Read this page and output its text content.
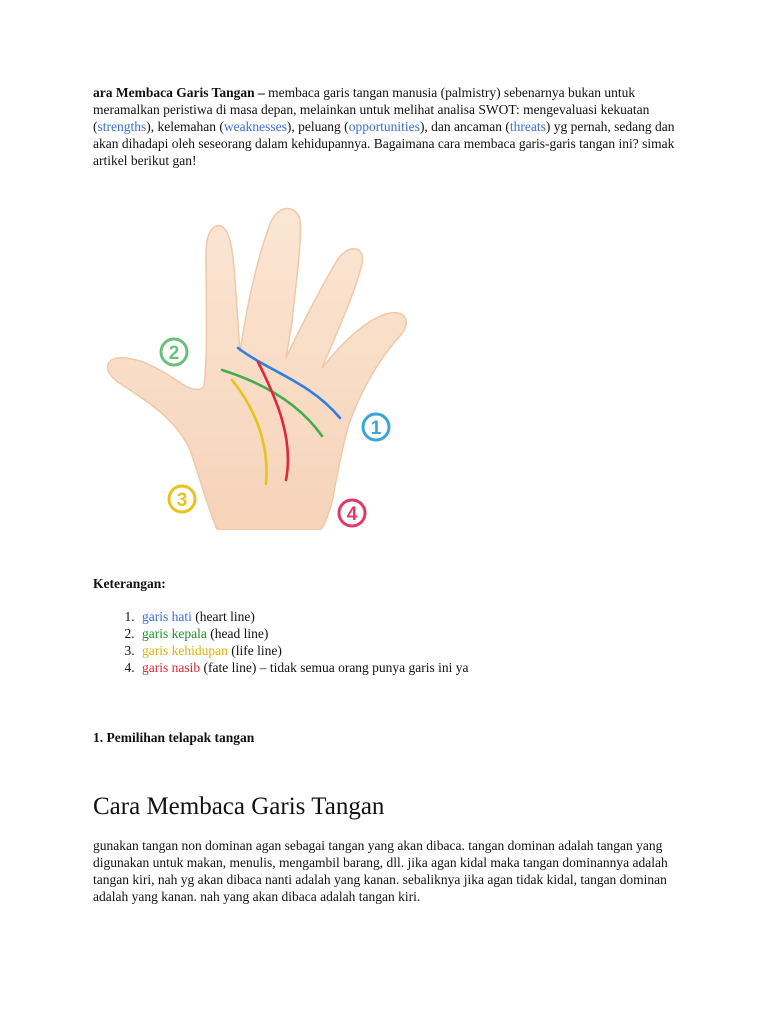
ara Membaca Garis Tangan – membaca garis tangan manusia (palmistry) sebenarnya bukan untuk meramalkan peristiwa di masa depan, melainkan untuk melihat analisa SWOT: mengevaluasi kekuatan (strengths), kelemahan (weaknesses), peluang (opportunities), dan ancaman (threats) yg pernah, sedang dan akan dihadapi oleh seseorang dalam kehidupannya. Bagaimana cara membaca garis-garis tangan ini? simak artikel berikut gan!

2
1
3
4

Keterangan:

1. garis hati (heart line)
2. garis kepala (head line)
3. garis kehidupan (life line)
4. garis nasib (fate line) – tidak semua orang punya garis ini ya

1. Pemilihan telapak tangan

Cara Membaca Garis Tangan

gunakan tangan non dominan agan sebagai tangan yang akan dibaca. tangan dominan adalah tangan yang digunakan untuk makan, menulis, mengambil barang, dll. jika agan kidal maka tangan dominannya adalah tangan kiri, nah yg akan dibaca nanti adalah yang kanan. sebaliknya jika agan tidak kidal, tangan dominan adalah yang kanan. nah yang akan dibaca adalah tangan kiri.
